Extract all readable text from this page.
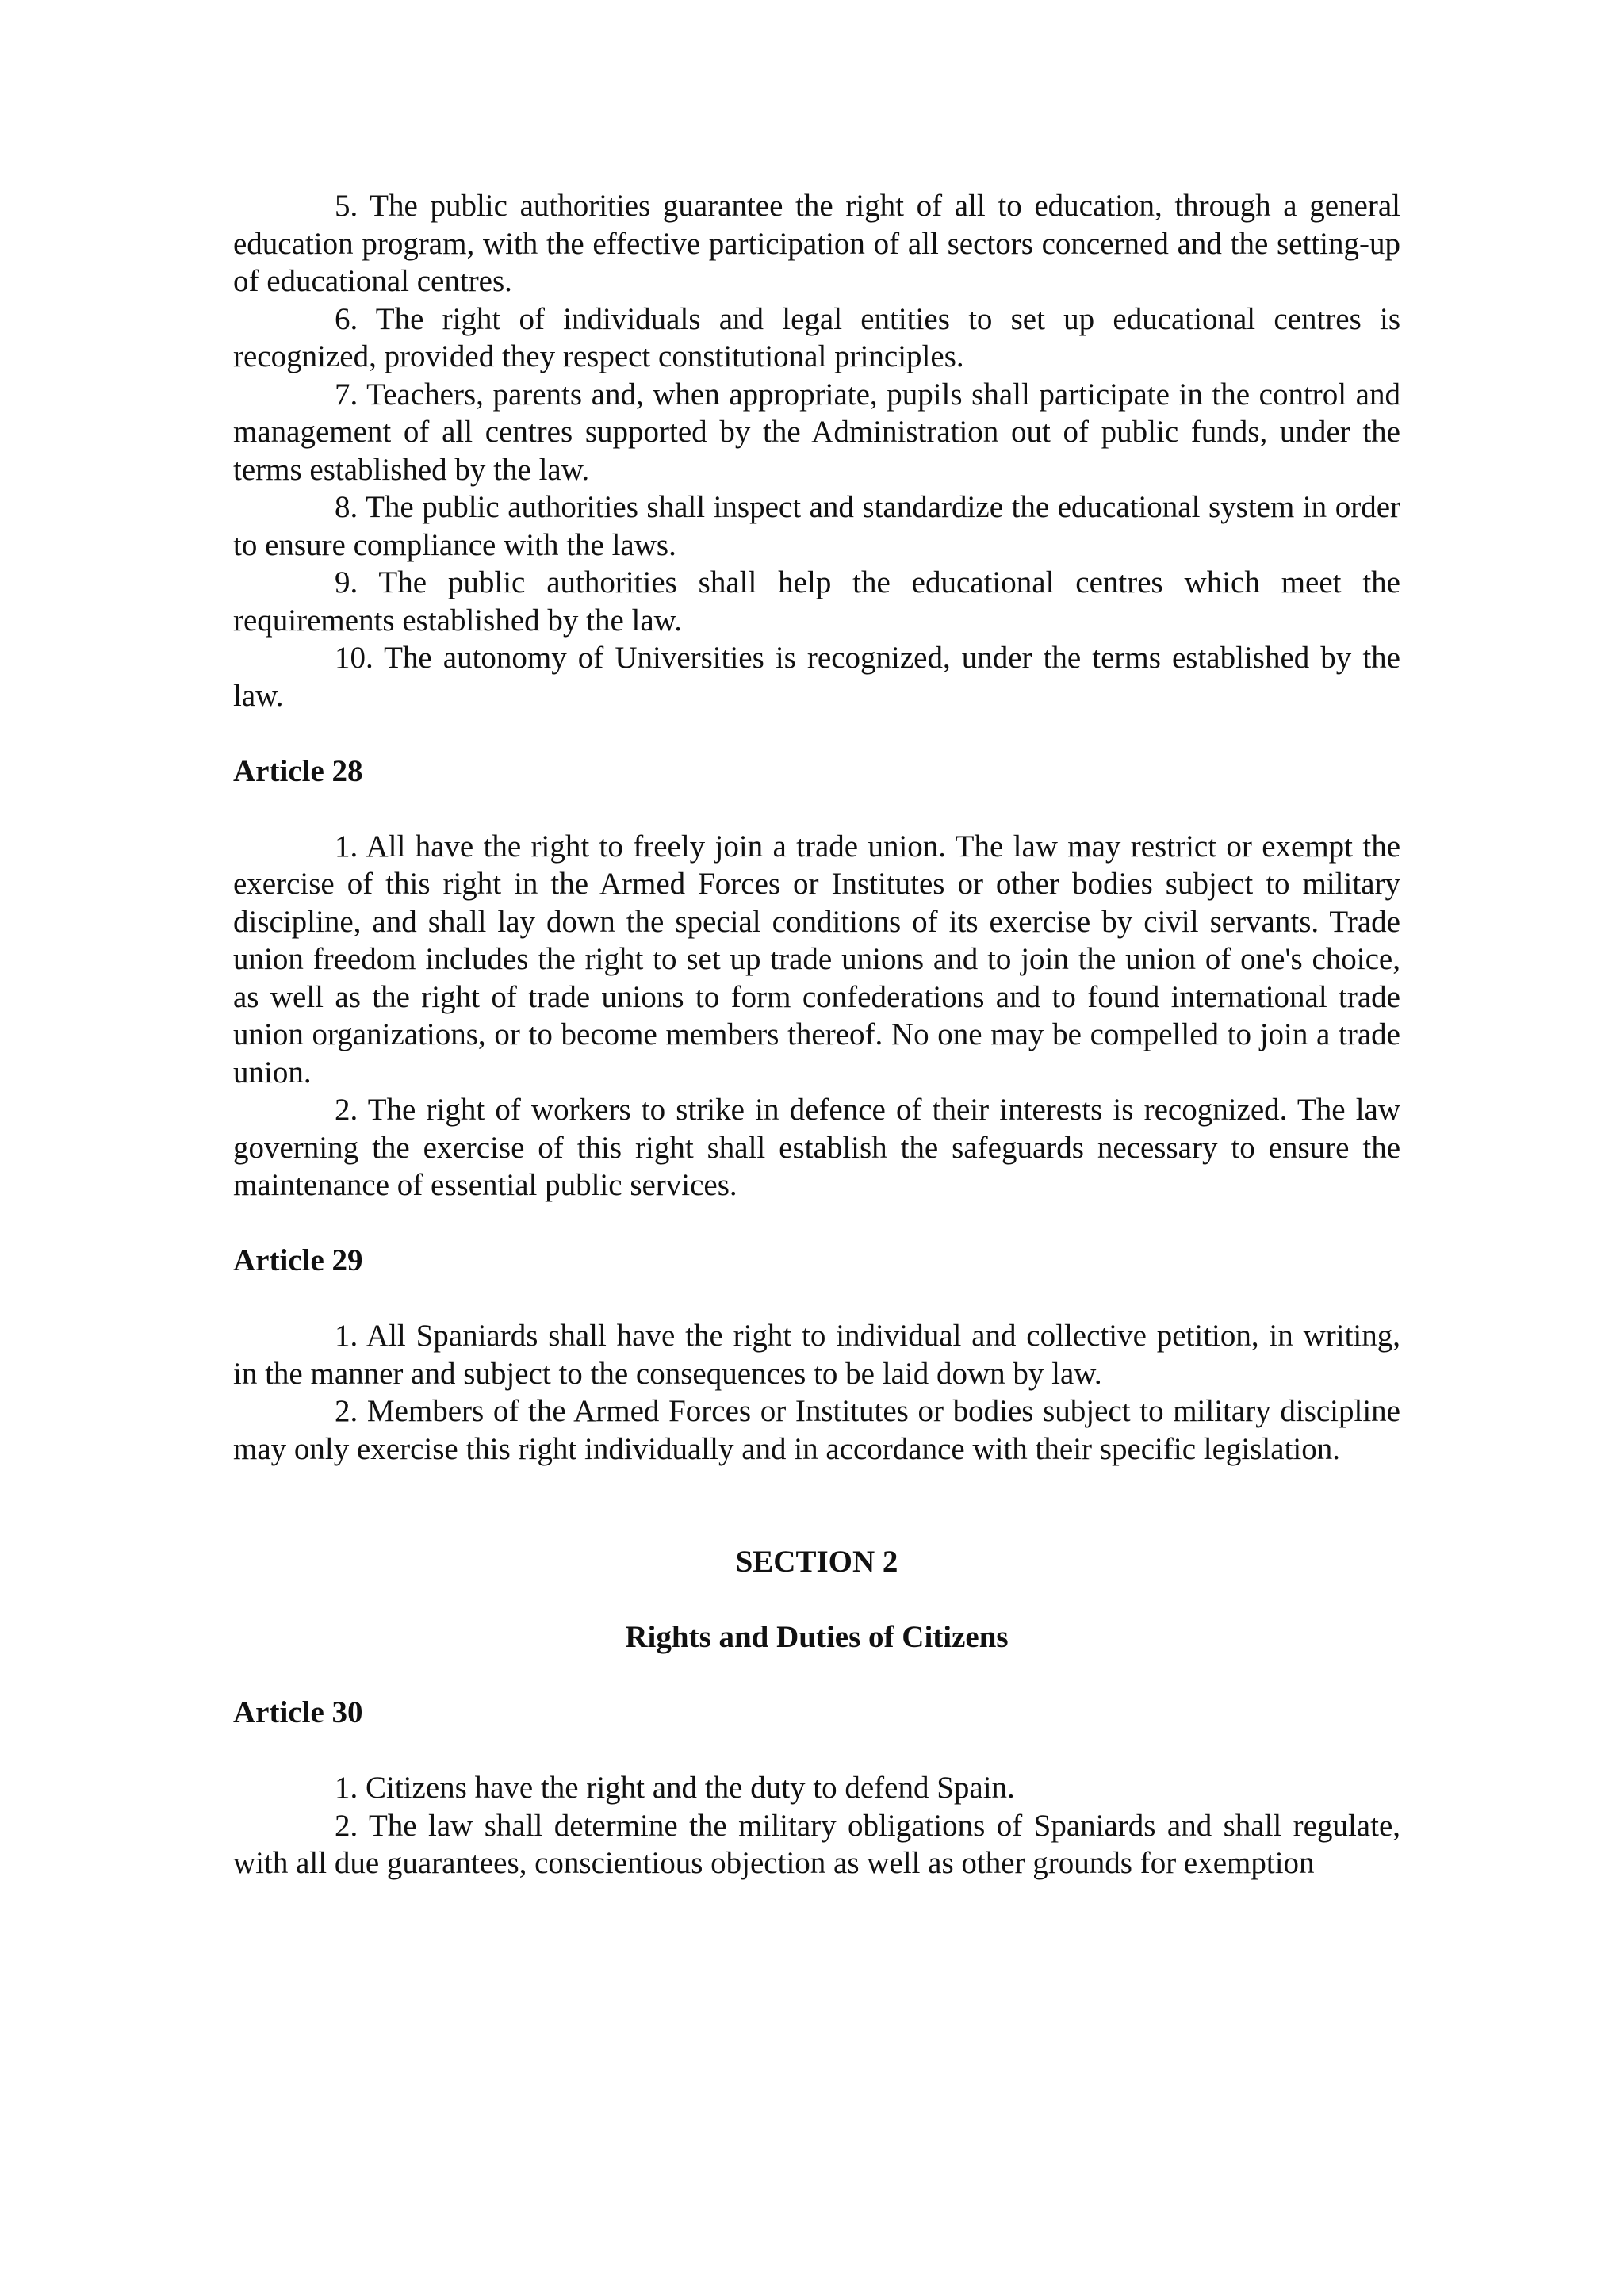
5. The public authorities guarantee the right of all to education, through a general education program, with the effective participation of all sectors concerned and the setting-up of educational centres.

6. The right of individuals and legal entities to set up educational centres is recognized, provided they respect constitutional principles.

7. Teachers, parents and, when appropriate, pupils shall participate in the control and management of all centres supported by the Administration out of public funds, under the terms established by the law.

8. The public authorities shall inspect and standardize the educational system in order to ensure compliance with the laws.

9. The public authorities shall help the educational centres which meet the requirements established by the law.

10. The autonomy of Universities is recognized, under the terms established by the law.

Article 28

1. All have the right to freely join a trade union. The law may restrict or exempt the exercise of this right in the Armed Forces or Institutes or other bodies subject to military discipline, and shall lay down the special conditions of its exercise by civil servants. Trade union freedom includes the right to set up trade unions and to join the union of one's choice, as well as the right of trade unions to form confederations and to found international trade union organizations, or to become members thereof. No one may be compelled to join a trade union.

2. The right of workers to strike in defence of their interests is recognized. The law governing the exercise of this right shall establish the safeguards necessary to ensure the maintenance of essential public services.

Article 29

1. All Spaniards shall have the right to individual and collective petition, in writing, in the manner and subject to the consequences to be laid down by law.

2. Members of the Armed Forces or Institutes or bodies subject to military discipline may only exercise this right individually and in accordance with their specific legislation.

SECTION 2

Rights and Duties of Citizens

Article 30

1. Citizens have the right and the duty to defend Spain.

2. The law shall determine the military obligations of Spaniards and shall regulate, with all due guarantees, conscientious objection as well as other grounds for exemption
